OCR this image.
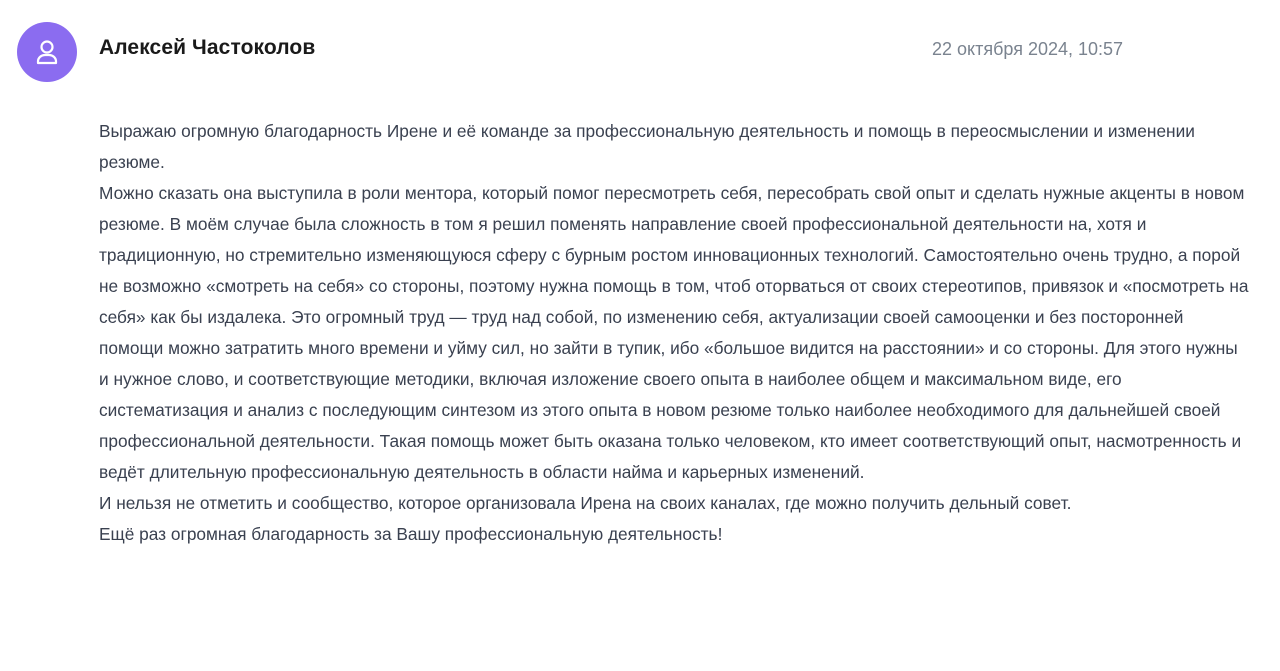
Алексей Частоколов	22 октября 2024, 10:57

Выражаю огромную благодарность Ирене и её команде за профессиональную деятельность и помощь в переосмыслении и изменении резюме.

Можно сказать она выступила в роли ментора, который помог пересмотреть себя, пересобрать свой опыт и сделать нужные акценты в новом резюме. В моём случае была сложность в том я решил поменять направление своей профессиональной деятельности на, хотя и традиционную, но стремительно изменяющуюся сферу с бурным ростом инновационных технологий. Самостоятельно очень трудно, а порой не возможно «смотреть на себя» со стороны, поэтому нужна помощь в том, чтоб оторваться от своих стереотипов, привязок и «посмотреть на себя» как бы издалека. Это огромный труд — труд над собой, по изменению себя, актуализации своей самооценки и без посторонней помощи можно затратить много времени и уйму сил, но зайти в тупик, ибо «большое видится на расстоянии» и со стороны. Для этого нужны и нужное слово, и соответствующие методики, включая изложение своего опыта в наиболее общем и максимальном виде, его систематизация и анализ с последующим синтезом из этого опыта в новом резюме только наиболее необходимого для дальнейшей своей профессиональной деятельности. Такая помощь может быть оказана только человеком, кто имеет соответствующий опыт, насмотренность и ведёт длительную профессиональную деятельность в области найма и карьерных изменений.

И нельзя не отметить и сообщество, которое организовала Ирена на своих каналах, где можно получить дельный совет.

Ещё раз огромная благодарность за Вашу профессиональную деятельность!
